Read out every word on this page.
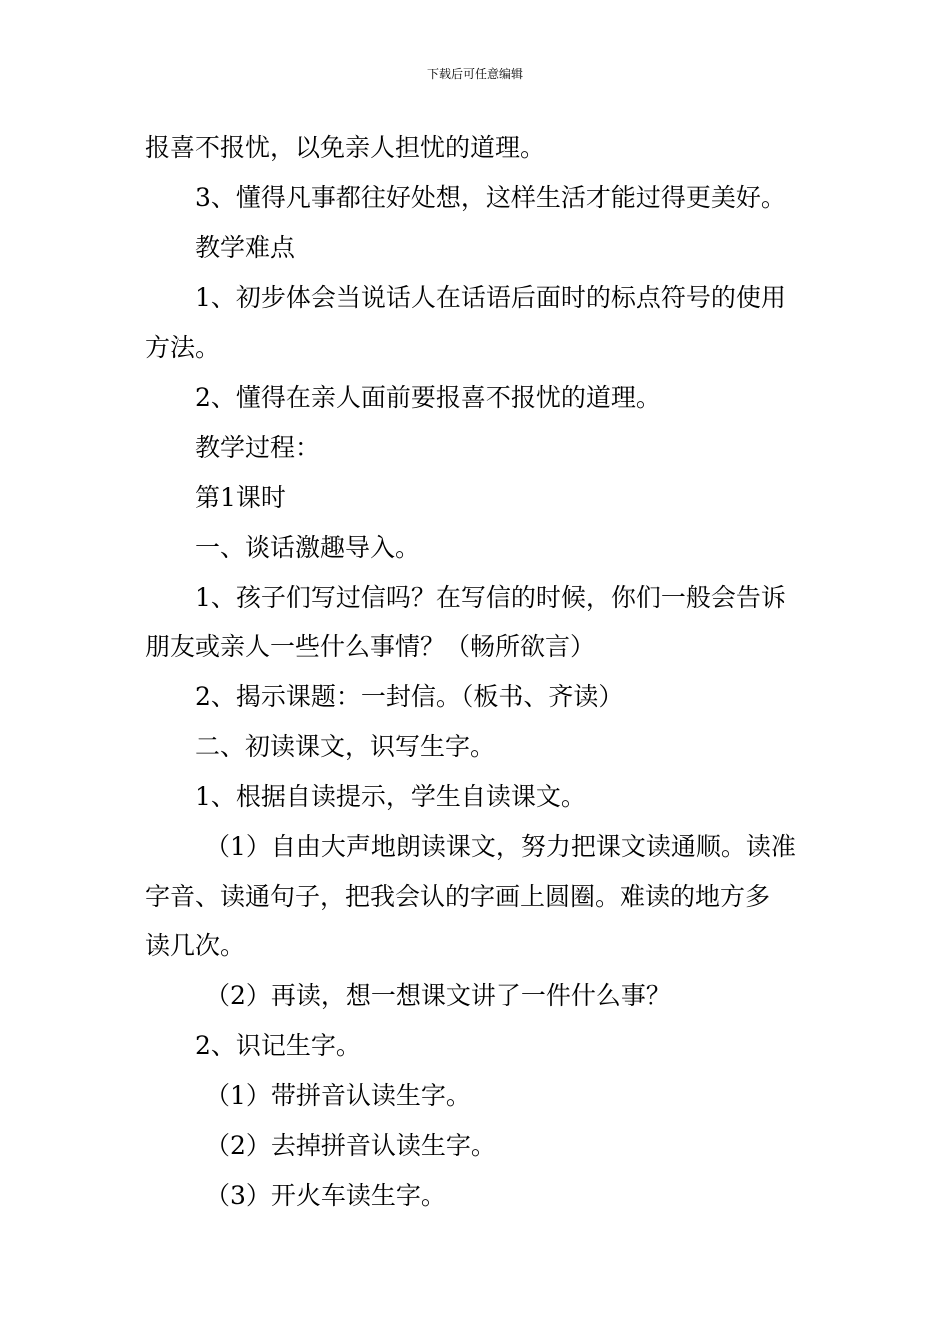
下载后可任意编辑
报喜不报忧，以免亲人担忧的道理。
3、懂得凡事都往好处想，这样生活才能过得更美好。
教学难点
1、初步体会当说话人在话语后面时的标点符号的使用
方法。
2、懂得在亲人面前要报喜不报忧的道理。
教学过程：
第1课时
一、谈话激趣导入。
1、孩子们写过信吗？在写信的时候，你们一般会告诉
朋友或亲人一些什么事情？（畅所欲言）
2、揭示课题：一封信。（板书、齐读）
二、初读课文，识写生字。
1、根据自读提示，学生自读课文。
（1）自由大声地朗读课文，努力把课文读通顺。读准
字音、读通句子，把我会认的字画上圆圈。难读的地方多
读几次。
（2）再读，想一想课文讲了一件什么事？
2、识记生字。
（1）带拼音认读生字。
（2）去掉拼音认读生字。
（3）开火车读生字。
